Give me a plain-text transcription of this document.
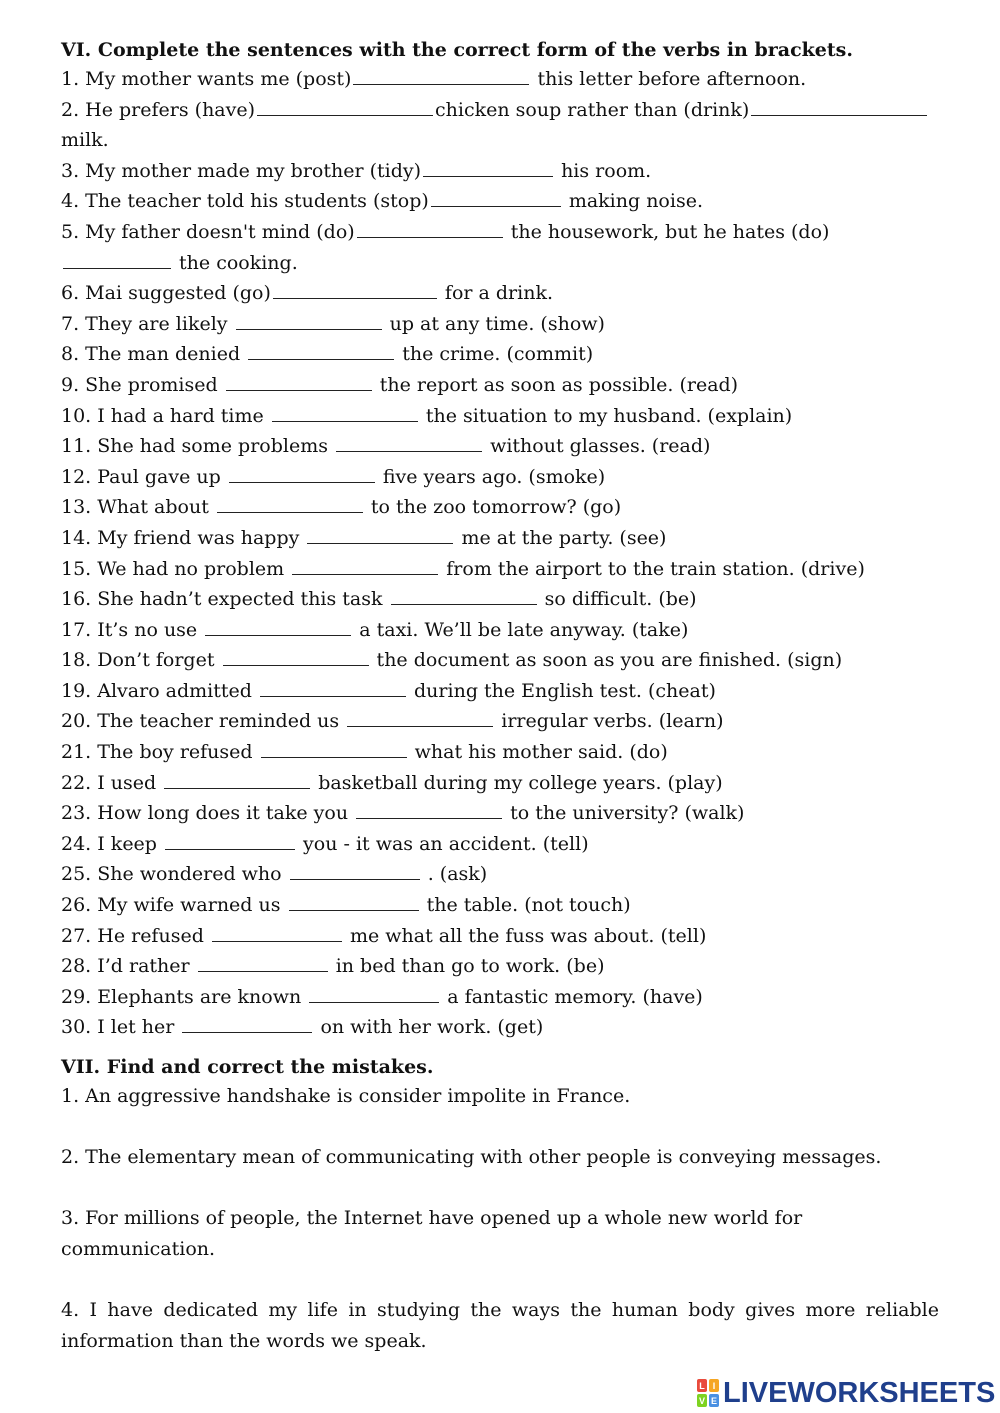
VI. Complete the sentences with the correct form of the verbs in brackets.
1. My mother wants me (post)	this letter before afternoon.
2. He prefers (have)	chicken soup rather than (drink) milk.
3. My mother made my brother (tidy)	his room.
4. The teacher told his students (stop)	making noise.
5. My father doesn't mind (do)	the housework, but he hates (do) the cooking.
6. Mai suggested (go)	for a drink.
7. They are likely	up at any time. (show)
8. The man denied	the crime. (commit)
9. She promised	the report as soon as possible. (read)
10. I had a hard time	the situation to my husband. (explain)
11. She had some problems	without glasses. (read)
12. Paul gave up	five years ago. (smoke)
13. What about	to the zoo tomorrow? (go)
14. My friend was happy	me at the party. (see)
15. We had no problem	from the airport to the train station. (drive)
16. She hadn’t expected this task	so difficult. (be)
17. It’s no use	a taxi. We’ll be late anyway. (take)
18. Don’t forget	the document as soon as you are finished. (sign)
19. Alvaro admitted	during the English test. (cheat)
20. The teacher reminded us	irregular verbs. (learn)
21. The boy refused	what his mother said. (do)
22. I used	basketball during my college years. (play)
23. How long does it take you	to the university? (walk)
24. I keep	you - it was an accident. (tell)
25. She wondered who	. (ask)
26. My wife warned us	the table. (not touch)
27. He refused	me what all the fuss was about. (tell)
28. I’d rather	in bed than go to work. (be)
29. Elephants are known	a fantastic memory. (have)
30. I let her	on with her work. (get)
VII. Find and correct the mistakes.
1. An aggressive handshake is consider impolite in France.
2. The elementary mean of communicating with other people is conveying messages.
3. For millions of people, the Internet have opened up a whole new world for communication.
4. I have dedicated my life in studying the ways the human body gives more reliable information than the words we speak.
L I
V E LIVEWORKSHEETS
